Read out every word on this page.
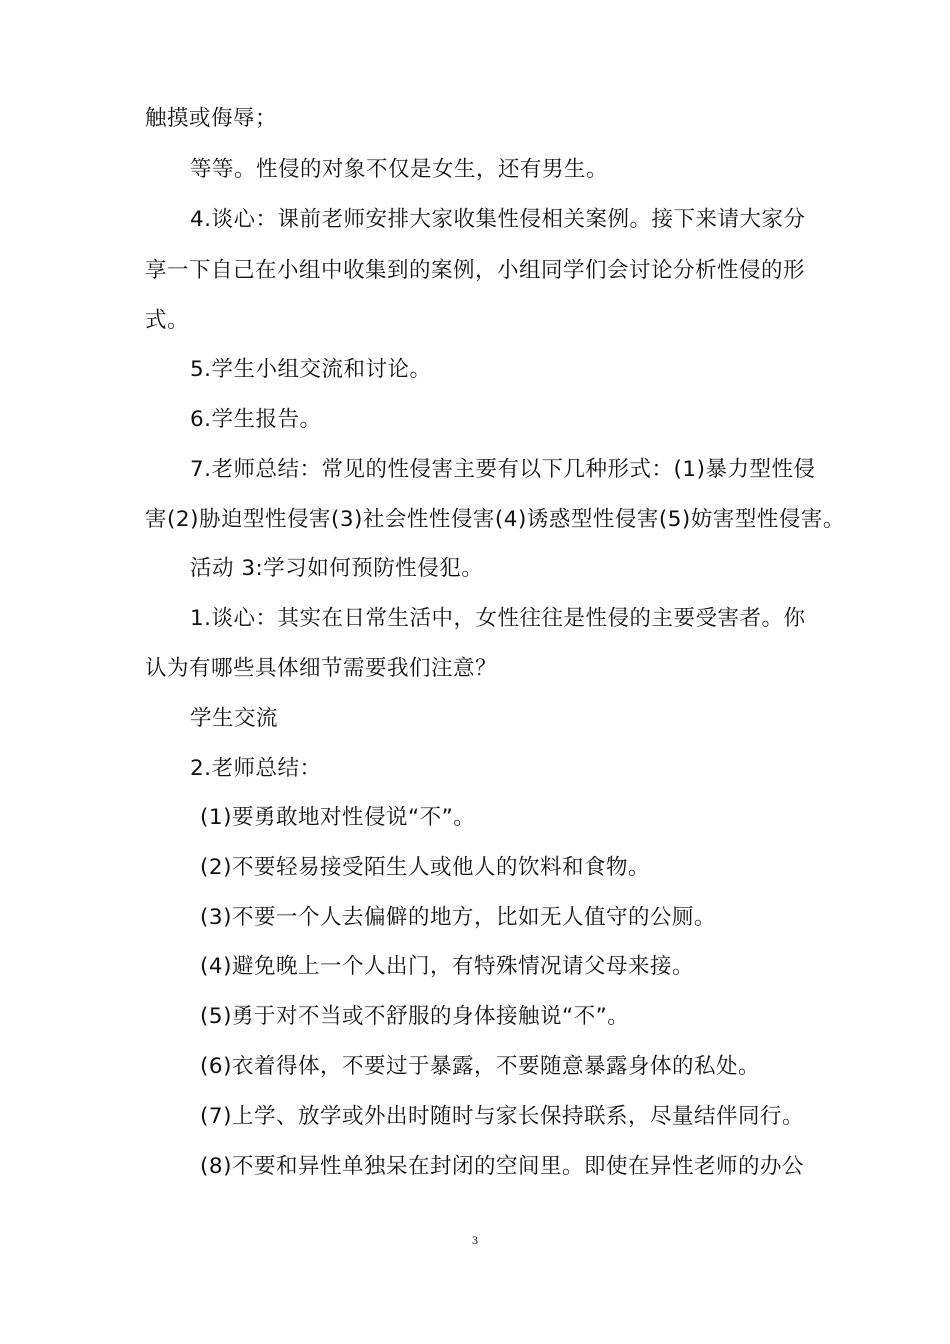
触摸或侮辱；
等等。性侵的对象不仅是女生，还有男生。
4.谈心：课前老师安排大家收集性侵相关案例。接下来请大家分
享一下自己在小组中收集到的案例，小组同学们会讨论分析性侵的形
式。
5.学生小组交流和讨论。
6.学生报告。
7.老师总结：常见的性侵害主要有以下几种形式：(1)暴力型性侵
害(2)胁迫型性侵害(3)社会性性侵害(4)诱惑型性侵害(5)妨害型性侵害。
活动 3:学习如何预防性侵犯。
1.谈心：其实在日常生活中，女性往往是性侵的主要受害者。你
认为有哪些具体细节需要我们注意？
学生交流
2.老师总结：
(1)要勇敢地对性侵说“不”。
(2)不要轻易接受陌生人或他人的饮料和食物。
(3)不要一个人去偏僻的地方，比如无人值守的公厕。
(4)避免晚上一个人出门，有特殊情况请父母来接。
(5)勇于对不当或不舒服的身体接触说“不”。
(6)衣着得体，不要过于暴露，不要随意暴露身体的私处。
(7)上学、放学或外出时随时与家长保持联系，尽量结伴同行。
(8)不要和异性单独呆在封闭的空间里。即使在异性老师的办公
3
